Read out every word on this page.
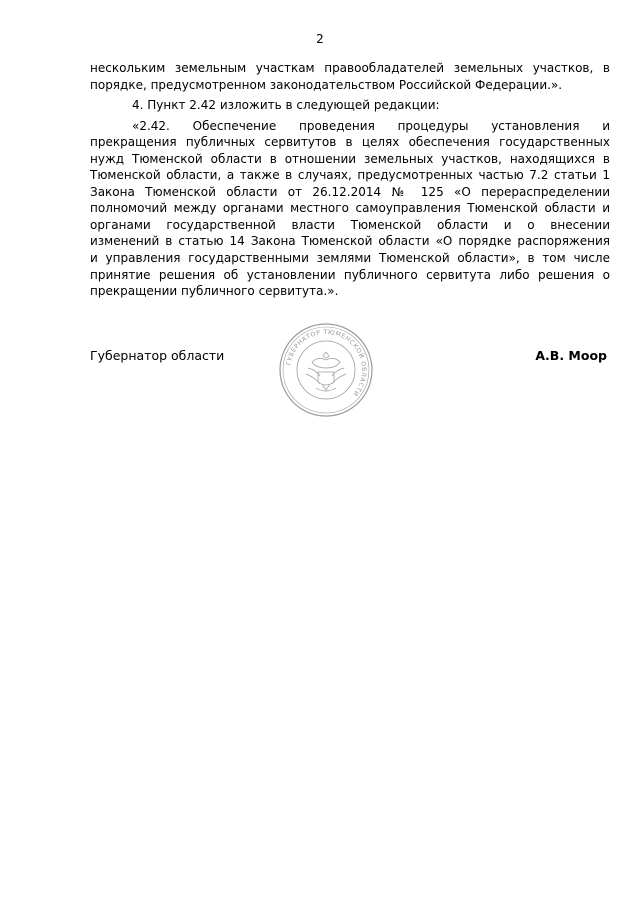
2

нескольким земельным участкам правообладателей земельных участков, в
порядке, предусмотренном законодательством Российской Федерации.».

4. Пункт 2.42 изложить в следующей редакции:

«2.42. Обеспечение проведения процедуры установления и
прекращения публичных сервитутов в целях обеспечения государственных
нужд Тюменской области в отношении земельных участков, находящихся в
Тюменской области, а также в случаях, предусмотренных частью 7.2 статьи 1
Закона Тюменской области от 26.12.2014 № 125 «О перераспределении
полномочий между органами местного самоуправления Тюменской области и
органами государственной власти Тюменской области и о внесении
изменений в статью 14 Закона Тюменской области «О порядке распоряжения
и управления государственными землями Тюменской области», в том числе
принятие решения об установлении публичного сервитута либо решения о
прекращении публичного сервитута.».

Губернатор области	А.В. Моор
ГУБЕРНАТОР ТЮМЕНСКОЙ ОБЛАСТИ
